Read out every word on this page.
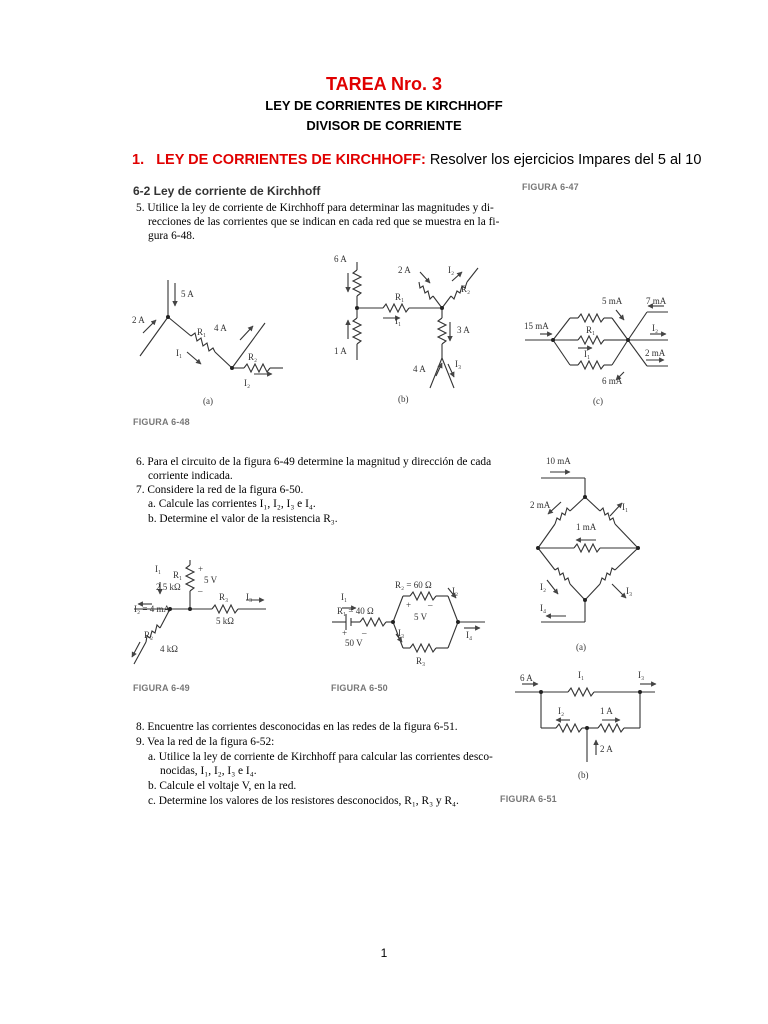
TAREA Nro. 3
LEY DE CORRIENTES DE KIRCHHOFF
DIVISOR DE CORRIENTE
1. LEY DE CORRIENTES DE KIRCHHOFF: Resolver los ejercicios Impares del 5 al 10
6-2 Ley de corriente de Kirchhoff	FIGURA 6-47
5. Utilice la ley de corriente de Kirchhoff para determinar las magnitudes y di-
recciones de las corrientes que se indican en cada red que se muestra en la fi-
gura 6-48.
FIGURA 6-48
6. Para el circuito de la figura 6-49 determine la magnitud y dirección de cada
corriente indicada.
7. Considere la red de la figura 6-50.
a. Calcule las corrientes I₁, I₂, I₃ e I₄.
b. Determine el valor de la resistencia R₃.
FIGURA 6-49	FIGURA 6-50
8. Encuentre las corrientes desconocidas en las redes de la figura 6-51.
9. Vea la red de la figura 6-52:
a. Utilice la ley de corriente de Kirchhoff para calcular las corrientes desco-
nocidas, I₁, I₂, I₃ e I₄.
b. Calcule el voltaje V, en la red.
c. Determine los valores de los resistores desconocidos, R₁, R₃ y R₄.	FIGURA 6-51
1
5 A
2 A
4 A
R₁
I₁	R₂
I₂
(a)
6 A
2 A	I₂
R₂
R₁
I₁
3 A
1 A
4 A	I₃
(b)
15 mA
5 mA	7 mA
R₁
I₁
I₂
2 mA
6 mA
(c)
I₁
R₁
2.5 kΩ
+
5 V
–
R₃ I₃
I₂ = 4 mA
5 kΩ
R₂
4 kΩ
R₂ = 60 Ω
I₂
I₁
R₁ = 40 Ω
+ –
5 V
+ –
50 V
I₃	I₄
R₃
10 mA
2 mA	I₁
1 mA
I₂	I₃
I₄
(a)
6 A	I₁	I₃
I₂	1 A
2 A
(b)
